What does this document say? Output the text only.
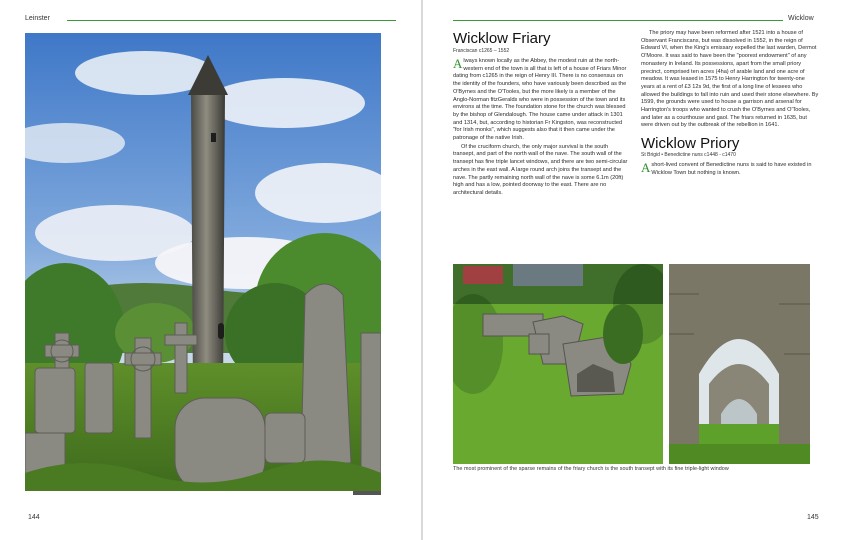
Leinster
144
Wicklow
Wicklow Friary
Franciscan c1265 – 1552
Always known locally as the Abbey, the modest ruin at the north-western end of the town is all that is left of a house of Friars Minor dating from c1265 in the reign of Henry III. There is no consensus on the identity of the founders, who have variously been described as the O'Byrnes and the O'Tooles, but the more likely is a member of the Anglo-Norman fitzGeralds who were in possession of the town and its environs at the time. The foundation stone for the church was blessed by the bishop of Glendalough. The house came under attack in 1301 and 1314, but, according to historian Fr Kingston, was reconstructed "for Irish monks", which suggests also that it then came under the patronage of the native Irish.
Of the cruciform church, the only major survival is the south transept, and part of the north wall of the nave. The south wall of the transept has fine triple lancet windows, and there are two semi-circular arches in the east wall. A large round arch joins the transept and the nave. The partly remaining north wall of the nave is some 6.1m (20ft) high and has a low, pointed doorway to the east. There are no architectural details.
The priory may have been reformed after 1521 into a house of Observant Franciscans, but was dissolved in 1552, in the reign of Edward VI, when the King's emissary expelled the last warden, Dermot O'Moore. It was said to have been the "poorest endowment" of any monastery in Ireland. Its possessions, apart from the small priory precinct, comprised ten acres (4ha) of arable land and one acre of meadow. It was leased in 1575 to Henry Harrington for twenty-one years at a rent of £3 12s 9d, the first of a long line of lessees who allowed the buildings to fall into ruin and used their stone elsewhere. By 1599, the grounds were used to house a garrison and arsenal for Harrington's troops who wanted to crush the O'Byrnes and O'Tooles, and later as a courthouse and gaol. The friars returned in 1635, but were driven out by the outbreak of the rebellion in 1641.
Wicklow Priory
St Brigid • Benedictine nuns c1448 - c1470
A short-lived convent of Benedictine nuns is said to have existed in Wicklow Town but nothing is known.
The most prominent of the sparse remains of the friary church is the south transept with its fine triple-light window
145
